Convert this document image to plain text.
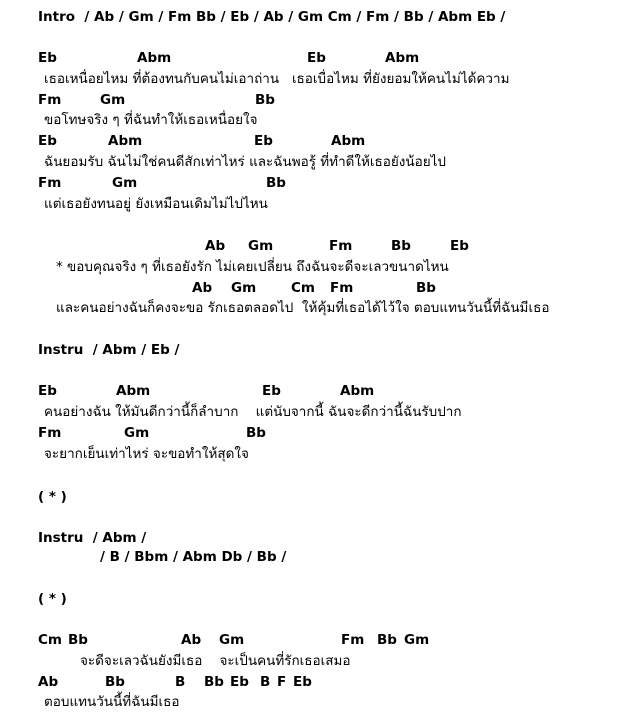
Intro  / Ab / Gm / Fm Bb / Eb / Ab / Gm Cm / Fm / Bb / Abm Eb /
Eb	Abm	Eb	Abm
เธอเหนื่อยไหม ที่ต้องทนกับคนไม่เอาถ่าน   เธอเบื่อไหม ที่ยังยอมให้คนไม่ได้ความ
Fm	Gm	Bb
ขอโทษจริง ๆ ที่ฉันทำให้เธอเหนื่อยใจ
Eb	Abm	Eb	Abm
ฉันยอมรับ ฉันไม่ใช่คนดีสักเท่าไหร่ และฉันพอรู้ ที่ทำดีให้เธอยังน้อยไป
Fm	Gm	Bb
แต่เธอยังทนอยู่ ยังเหมือนเดิมไม่ไปไหน
Ab Gm	Fm	Bb	Eb
* ขอบคุณจริง ๆ ที่เธอยังรัก ไม่เคยเปลี่ยน ถึงฉันจะดีจะเลวขนาดไหน
Ab Gm	Cm Fm	Bb
และคนอย่างฉันก็คงจะขอ รักเธอตลอดไป  ให้คุ้มที่เธอได้ไว้ใจ ตอบแทนวันนี้ที่ฉันมีเธอ
Instru  / Abm / Eb /
Eb	Abm	Eb	Abm
คนอย่างฉัน ให้มันดีกว่านี้ก็ลำบาก    แต่นับจากนี้ ฉันจะดีกว่านี้ฉันรับปาก
Fm	Gm	Bb
จะยากเย็นเท่าไหร่ จะขอทำให้สุดใจ
( * )
Instru  / Abm /
/ B / Bbm / Abm Db / Bb /
( * )
Cm Bb	Ab Gm	Fm Bb Gm
จะดีจะเลวฉันยังมีเธอ    จะเป็นคนที่รักเธอเสมอ
Ab	Bb	B Bb Eb B F Eb
ตอบแทนวันนี้ที่ฉันมีเธอ
